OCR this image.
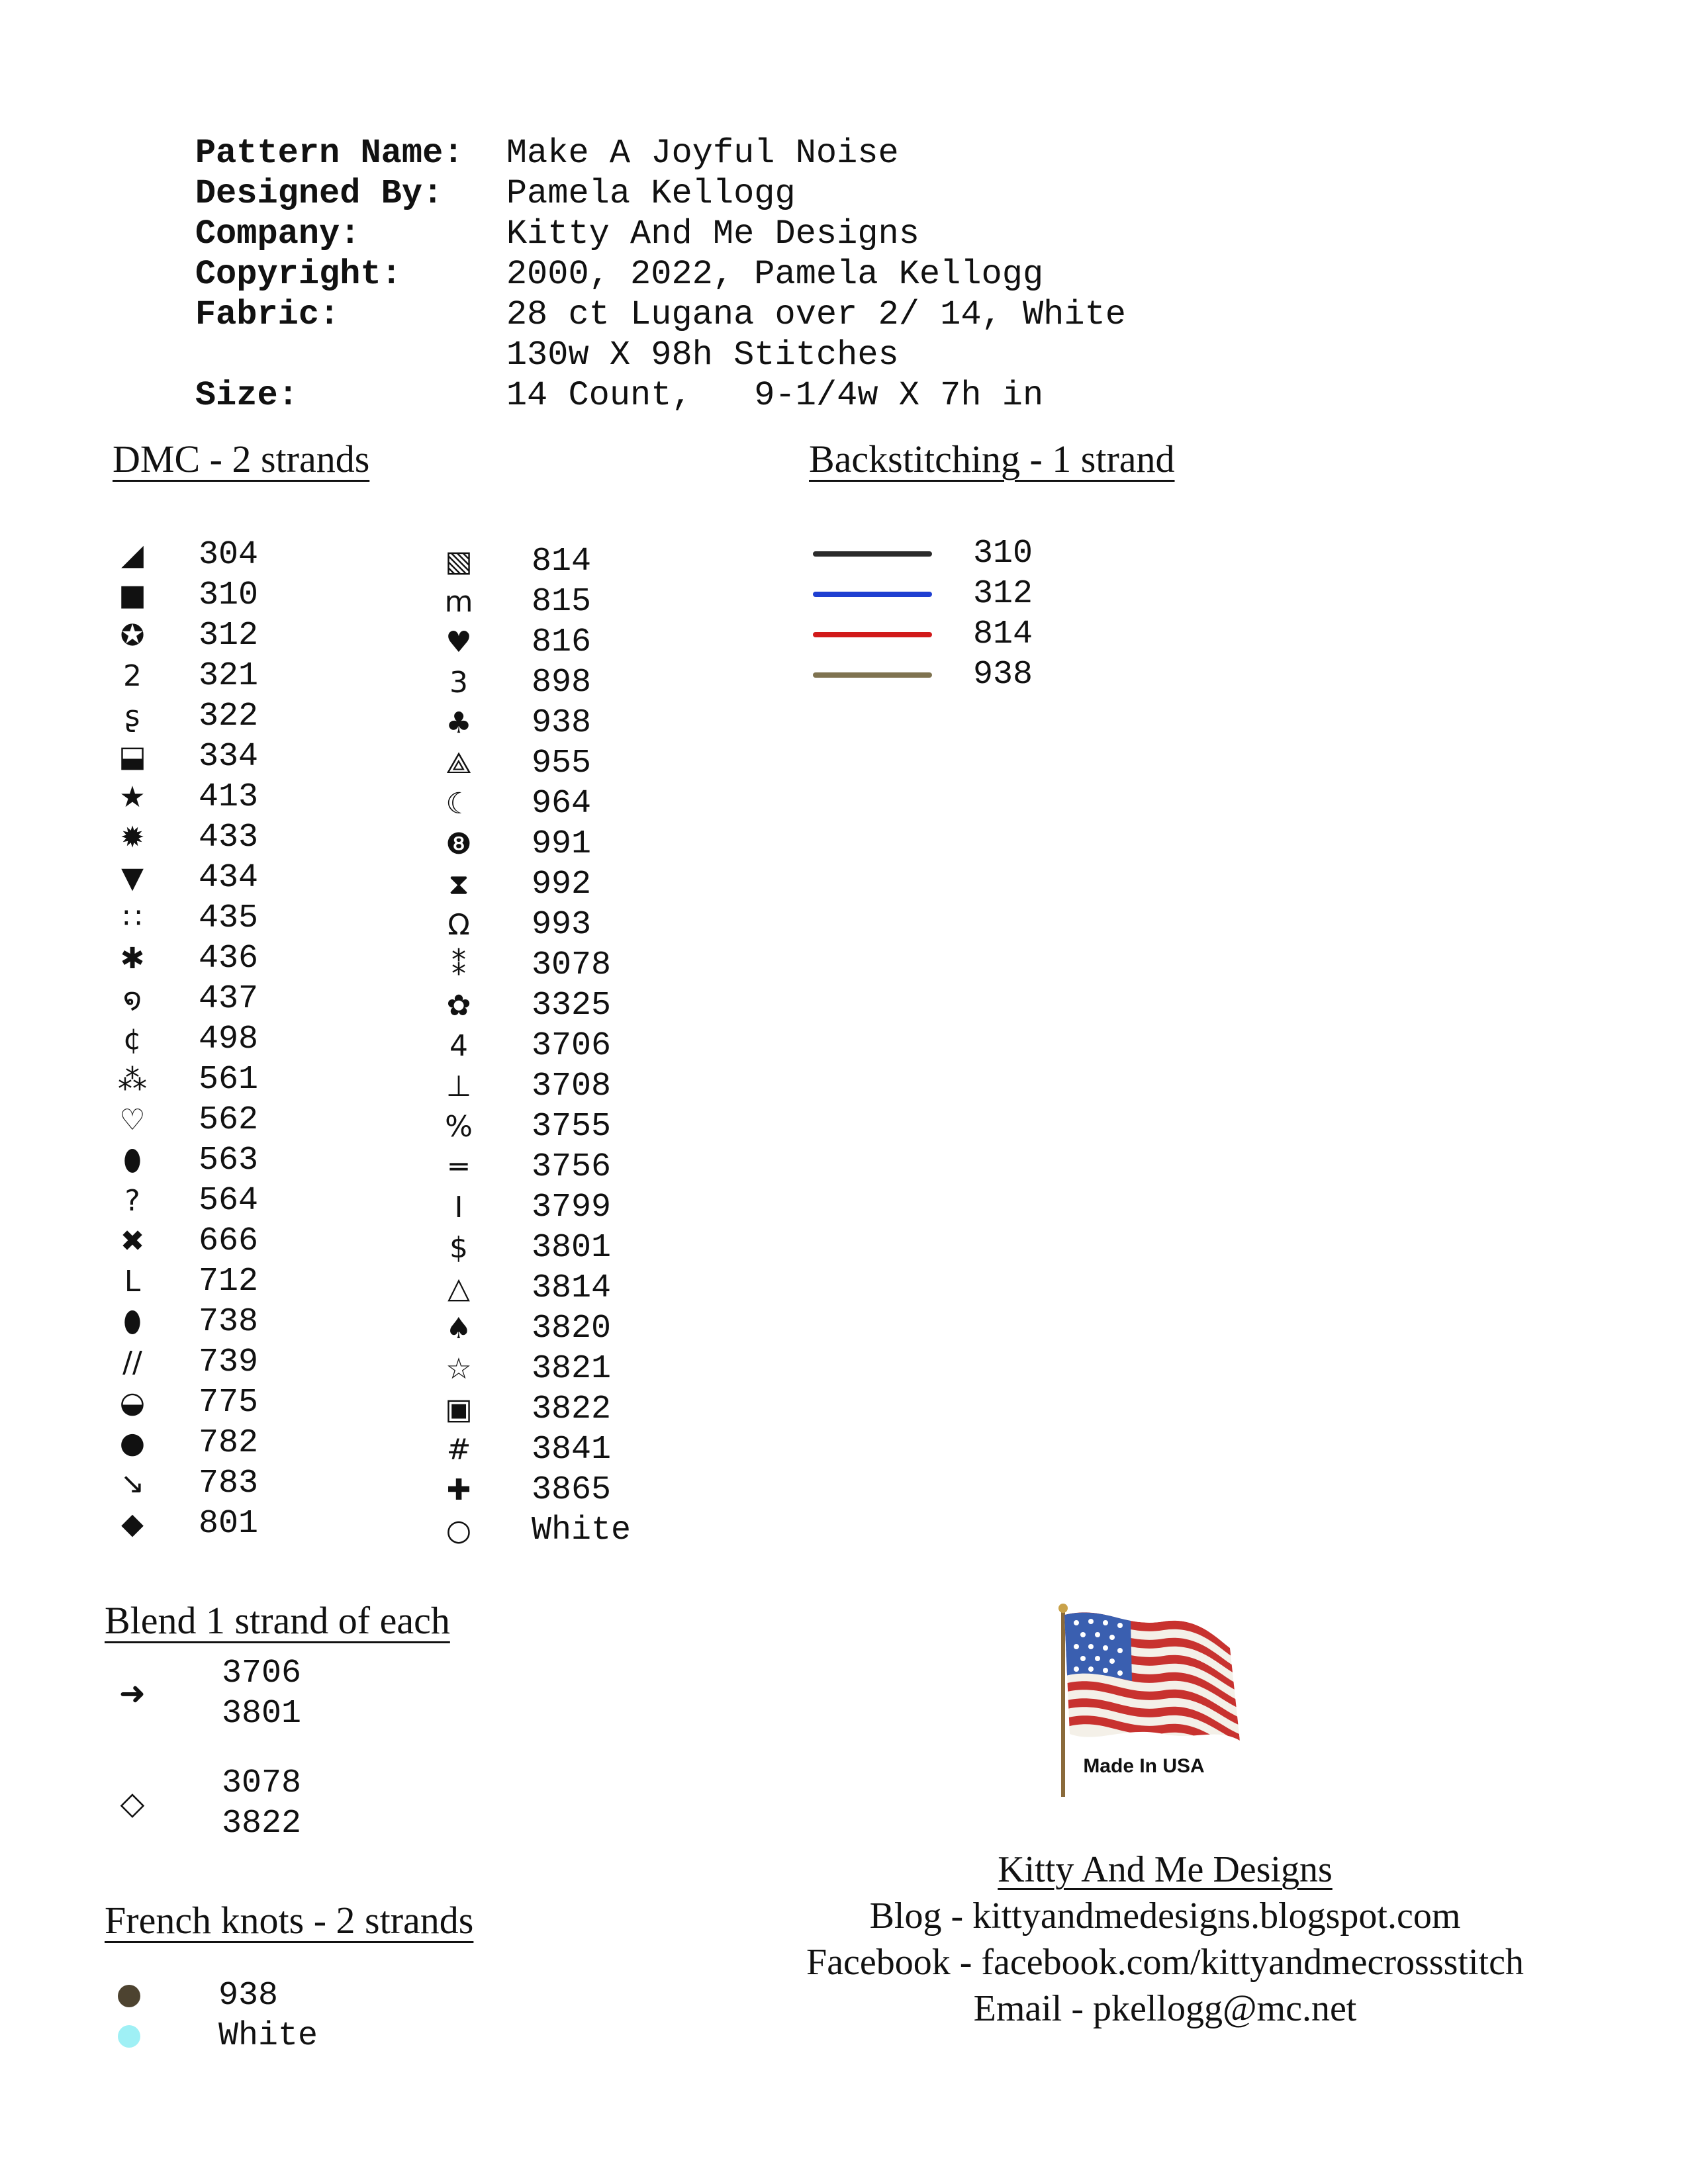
Pattern Name: Make A Joyful Noise

Designed By: Pamela Kellogg

Company:	Kitty And Me Designs

Copyright:	2000, 2022, Pamela Kellogg

Fabric:	28 ct Lugana over 2/ 14, White

130w X 98h Stitches

Size:	14 Count,   9-1/4w X 7h in

DMC - 2 strands	Backstitching - 1 strand
Blend 1 strand of each
French knots - 2 strands
◢ 304
■ 310
✪ 312
2	321
ʂ	322
⬓ 334
★ 413
✹ 433
▼ 434
∷	435
✱ 436
໑	437
¢	498
⁂ 561
♡ 562
⬮	563
?	564
✖ 666
L	712
⬮	738
//	739
◒ 775
● 782
↘ 783
◆ 801
▧ 814
m 815
♥ 816
3	898
♣ 938
⟁ 955
☾ 964
❽ 991
⧗ 992
Ω 993
⁑	3078
✿ 3325
4	3706
⊥ 3708
% 3755
═	3756
I	3799
$	3801
△ 3814
♠ 3820
☆ 3821
▣ 3822
# 3841
✚ 3865
○ White
310
312
814
938
➜
3706
3801
◇
3078
3822
938
White
Made In USA
Kitty And Me Designs
Blog - kittyandmedesigns.blogspot.com
Facebook - facebook.com/kittyandmecrossstitch
Email - pkellogg@mc.net
